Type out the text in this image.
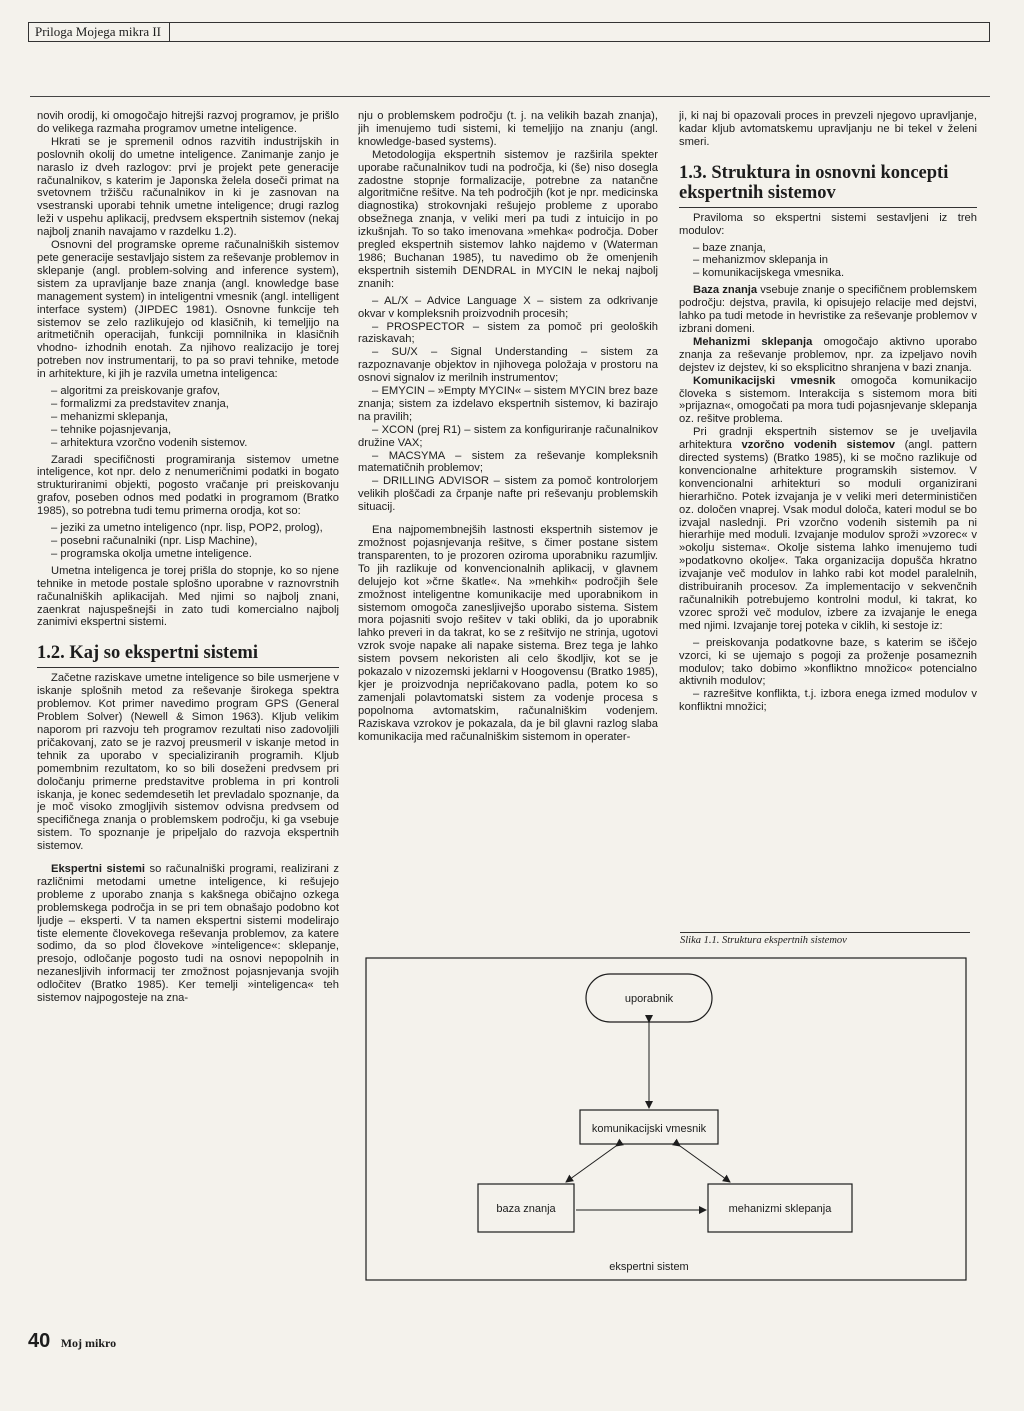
Priloga Mojega mikra II

novih orodij, ki omogočajo hitrejši razvoj programov, je prišlo do velikega razmaha programov umetne inteligence.

Hkrati se je spremenil odnos razvitih industrijskih in poslovnih okolij do umetne inteligence. Zanimanje zanjo je naraslo iz dveh razlogov: prvi je projekt pete generacije računalnikov, s katerim je Japonska želela doseči primat na svetovnem tržišču računalnikov in ki je zasnovan na vsestranski uporabi tehnik umetne inteligence; drugi razlog leži v uspehu aplikacij, predvsem ekspertnih sistemov (nekaj najbolj znanih navajamo v razdelku 1.2).

Osnovni del programske opreme računalniških sistemov pete generacije sestavljajo sistem za reševanje problemov in sklepanje (angl. problem-solving and inference system), sistem za upravljanje baze znanja (angl. knowledge base management system) in inteligentni vmesnik (angl. intelligent interface system) (JIPDEC 1981). Osnovne funkcije teh sistemov se zelo razlikujejo od klasičnih, ki temeljijo na aritmetičnih operacijah, funkciji pomnilnika in klasičnih vhodno- izhodnih enotah. Za njihovo realizacijo je torej potreben nov instrumentarij, to pa so pravi tehnike, metode in arhitekture, ki jih je razvila umetna inteligenca:

– algoritmi za preiskovanje grafov,
– formalizmi za predstavitev znanja,
– mehanizmi sklepanja,
– tehnike pojasnjevanja,
– arhitektura vzorčno vodenih sistemov.

Zaradi specifičnosti programiranja sistemov umetne inteligence, kot npr. delo z nenumeričnimi podatki in bogato strukturiranimi objekti, pogosto vračanje pri preiskovanju grafov, poseben odnos med podatki in programom (Bratko 1985), so potrebna tudi temu primerna orodja, kot so:

– jeziki za umetno inteligenco (npr. lisp, POP2, prolog),
– posebni računalniki (npr. Lisp Machine),
– programska okolja umetne inteligence.

Umetna inteligenca je torej prišla do stopnje, ko so njene tehnike in metode postale splošno uporabne v raznovrstnih računalniških aplikacijah. Med njimi so najbolj znani, zaenkrat najuspešnejši in zato tudi komercialno najbolj zanimivi ekspertni sistemi.

1.2. Kaj so ekspertni sistemi

Začetne raziskave umetne inteligence so bile usmerjene v iskanje splošnih metod za reševanje širokega spektra problemov. Kot primer navedimo program GPS (General Problem Solver) (Newell & Simon 1963). Kljub velikim naporom pri razvoju teh programov rezultati niso zadovoljili pričakovanj, zato se je razvoj preusmeril v iskanje metod in tehnik za uporabo v specializiranih programih. Kljub pomembnim rezultatom, ko so bili doseženi predvsem pri določanju primerne predstavitve problema in pri kontroli iskanja, je konec sedemdesetih let prevladalo spoznanje, da je moč visoko zmogljivih sistemov odvisna predvsem od specifičnega znanja o problemskem področju, ki ga vsebuje sistem. To spoznanje je pripeljalo do razvoja ekspertnih sistemov.

Ekspertni sistemi so računalniški programi, realizirani z različnimi metodami umetne inteligence, ki rešujejo probleme z uporabo znanja s kakšnega običajno ozkega problemskega področja in se pri tem obnašajo podobno kot ljudje – eksperti. V ta namen ekspertni sistemi modelirajo tiste elemente človekovega reševanja problemov, za katere sodimo, da so plod človekove »inteligence«: sklepanje, presojo, odločanje pogosto tudi na osnovi nepopolnih in nezanesljivih informacij ter zmožnost pojasnjevanja svojih odločitev (Bratko 1985). Ker temelji »inteligenca« teh sistemov najpogosteje na zna-

nju o problemskem področju (t. j. na velikih bazah znanja), jih imenujemo tudi sistemi, ki temeljijo na znanju (angl. knowledge-based systems).

Metodologija ekspertnih sistemov je razširila spekter uporabe računalnikov tudi na področja, ki (še) niso dosegla zadostne stopnje formalizacije, potrebne za natančne algoritmične rešitve. Na teh področjih (kot je npr. medicinska diagnostika) strokovnjaki rešujejo probleme z uporabo obsežnega znanja, v veliki meri pa tudi z intuicijo in po izkušnjah. To so tako imenovana »mehka« področja. Dober pregled ekspertnih sistemov lahko najdemo v (Waterman 1986; Buchanan 1985), tu navedimo ob že omenjenih ekspertnih sistemih DENDRAL in MYCIN le nekaj najbolj znanih:

– AL/X – Advice Language X – sistem za odkrivanje okvar v kompleksnih proizvodnih procesih;
– PROSPECTOR – sistem za pomoč pri geoloških raziskavah;
– SU/X – Signal Understanding – sistem za razpoznavanje objektov in njihovega položaja v prostoru na osnovi signalov iz merilnih instrumentov;
– EMYCIN – »Empty MYCIN« – sistem MYCIN brez baze znanja; sistem za izdelavo ekspertnih sistemov, ki bazirajo na pravilih;
– XCON (prej R1) – sistem za konfiguriranje računalnikov družine VAX;
– MACSYMA – sistem za reševanje kompleksnih matematičnih problemov;
– DRILLING ADVISOR – sistem za pomoč kontrolorjem velikih ploščadi za črpanje nafte pri reševanju problemskih situacij.

Ena najpomembnejših lastnosti ekspertnih sistemov je zmožnost pojasnjevanja rešitve, s čimer postane sistem transparenten, to je prozoren oziroma uporabniku razumljiv. To jih razlikuje od konvencionalnih aplikacij, v glavnem delujejo kot »črne škatle«. Na »mehkih« področjih šele zmožnost inteligentne komunikacije med uporabnikom in sistemom omogoča zanesljivejšo uporabo sistema. Sistem mora pojasniti svojo rešitev v taki obliki, da jo uporabnik lahko preveri in da takrat, ko se z rešitvijo ne strinja, ugotovi vzrok svoje napake ali napake sistema. Brez tega je lahko sistem povsem nekoristen ali celo škodljiv, kot se je pokazalo v nizozemski jeklarni v Hoogovensu (Bratko 1985), kjer je proizvodnja nepričakovano padla, potem ko so zamenjali polavtomatski sistem za vodenje procesa s popolnoma avtomatskim, računalniškim vodenjem. Raziskava vzrokov je pokazala, da je bil glavni razlog slaba komunikacija med računalniškim sistemom in operater-

ji, ki naj bi opazovali proces in prevzeli njegovo upravljanje, kadar kljub avtomatskemu upravljanju ne bi tekel v želeni smeri.

1.3. Struktura in osnovni koncepti ekspertnih sistemov

Praviloma so ekspertni sistemi sestavljeni iz treh modulov:

– baze znanja,
– mehanizmov sklepanja in
– komunikacijskega vmesnika.

Baza znanja vsebuje znanje o specifičnem problemskem področju: dejstva, pravila, ki opisujejo relacije med dejstvi, lahko pa tudi metode in hevristike za reševanje problemov v izbrani domeni.

Mehanizmi sklepanja omogočajo aktivno uporabo znanja za reševanje problemov, npr. za izpeljavo novih dejstev iz dejstev, ki so eksplicitno shranjena v bazi znanja.

Komunikacijski vmesnik omogoča komunikacijo človeka s sistemom. Interakcija s sistemom mora biti »prijazna«, omogočati pa mora tudi pojasnjevanje sklepanja oz. rešitve problema.

Pri gradnji ekspertnih sistemov se je uveljavila arhitektura vzorčno vodenih sistemov (angl. pattern directed systems) (Bratko 1985), ki se močno razlikuje od konvencionalne arhitekture programskih sistemov. V konvencionalni arhitekturi so moduli organizirani hierarhično. Potek izvajanja je v veliki meri determinističen oz. določen vnaprej. Vsak modul določa, kateri modul se bo izvajal naslednji. Pri vzorčno vodenih sistemih pa ni hierarhije med moduli. Izvajanje modulov sproži »vzorec« v »okolju sistema«. Okolje sistema lahko imenujemo tudi »podatkovno okolje«. Taka organizacija dopušča hkratno izvajanje več modulov in lahko rabi kot model paralelnih, distribuiranih procesov. Za implementacijo v sekvenčnih računalnikih potrebujemo kontrolni modul, ki takrat, ko vzorec sproži več modulov, izbere za izvajanje le enega med njimi. Izvajanje torej poteka v ciklih, ki sestoje iz:

– preiskovanja podatkovne baze, s katerim se iščejo vzorci, ki se ujemajo s pogoji za proženje posameznih modulov; tako dobimo »konfliktno množico« potencialno aktivnih modulov;
– razrešitve konflikta, t.j. izbora enega izmed modulov v konfliktni množici;
Slika 1.1. Struktura ekspertnih sistemov
uporabnik
komunikacijski vmesnik
baza znanja	mehanizmi sklepanja
ekspertni sistem
40 Moj mikro
